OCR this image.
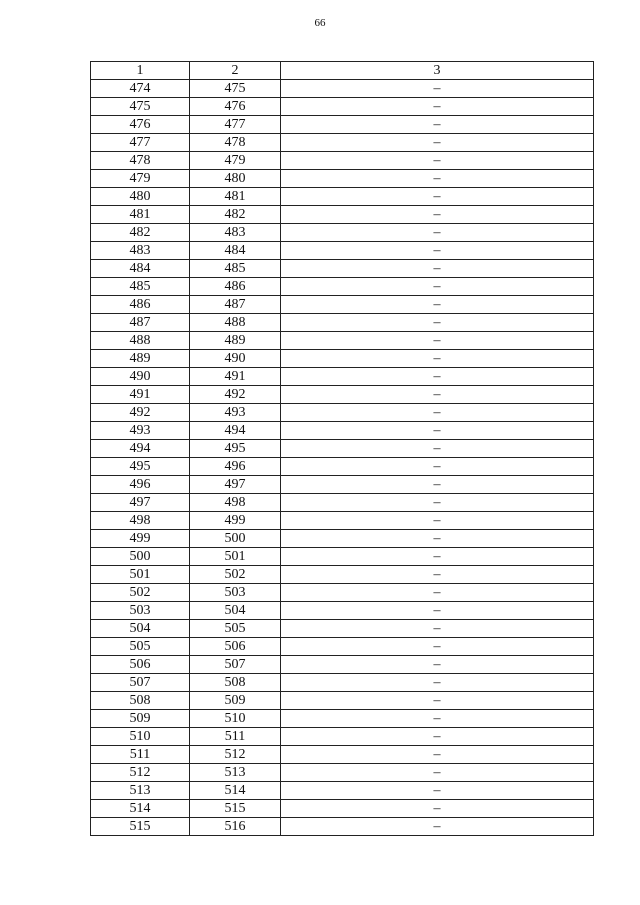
66
1	2	3
474	475	–
475	476	–
476	477	–
477	478	–
478	479	–
479	480	–
480	481	–
481	482	–
482	483	–
483	484	–
484	485	–
485	486	–
486	487	–
487	488	–
488	489	–
489	490	–
490	491	–
491	492	–
492	493	–
493	494	–
494	495	–
495	496	–
496	497	–
497	498	–
498	499	–
499	500	–
500	501	–
501	502	–
502	503	–
503	504	–
504	505	–
505	506	–
506	507	–
507	508	–
508	509	–
509	510	–
510	511	–
511	512	–
512	513	–
513	514	–
514	515	–
515	516	–
